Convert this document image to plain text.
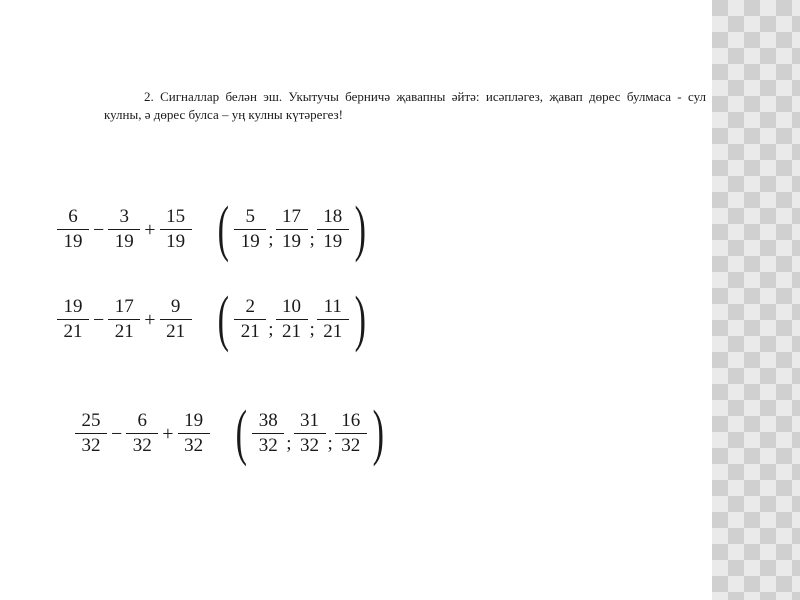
2. Сигналлар белән эш. Укытучы берничә җавапны әйтә: исәпләгез, җавап дөрес булмаса - сул кулны, ә дөрес булса – уң кулны күтәрегез!

$\frac{6}{19} - \frac{3}{19} + \frac{15}{19}$ ( $\frac{5}{19}$ ; $\frac{17}{19}$ ; $\frac{18}{19}$ )
$\frac{19}{21} - \frac{17}{21} + \frac{9}{21}$ ( $\frac{2}{21}$ ; $\frac{10}{21}$ ; $\frac{11}{21}$ )
$\frac{25}{32} - \frac{6}{32} + \frac{19}{32}$ ( $\frac{38}{32}$ ; $\frac{31}{32}$ ; $\frac{16}{32}$ )
